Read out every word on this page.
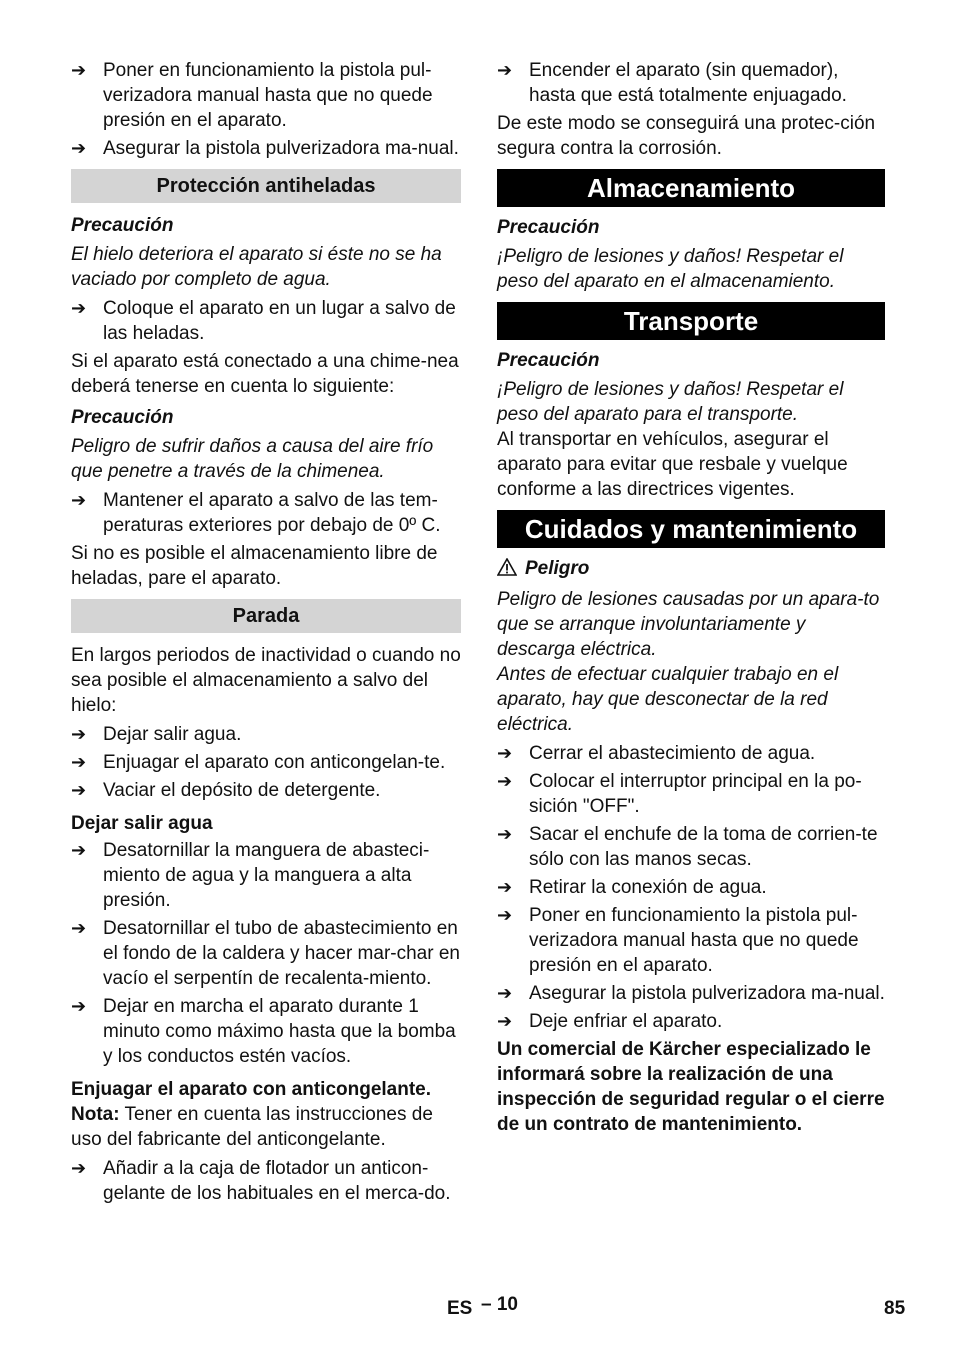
➔ Poner en funcionamiento la pistola pul-verizadora manual hasta que no quede presión en el aparato.
➔ Asegurar la pistola pulverizadora ma-nual.
Protección antiheladas

Precaución

El hielo deteriora el aparato si éste no se ha vaciado por completo de agua.

➔ Coloque el aparato en un lugar a salvo de las heladas.

Si el aparato está conectado a una chime-nea deberá tenerse en cuenta lo siguiente:

Precaución

Peligro de sufrir daños a causa del aire frío que penetre a través de la chimenea.

➔ Mantener el aparato a salvo de las tem-peraturas exteriores por debajo de 0º C.

Si no es posible el almacenamiento libre de heladas, pare el aparato.

Parada

En largos periodos de inactividad o cuando no sea posible el almacenamiento a salvo del hielo:

➔ Dejar salir agua.
➔ Enjuagar el aparato con anticongelan-te.
➔ Vaciar el depósito de detergente.

Dejar salir agua

➔ Desatornillar la manguera de abasteci-miento de agua y la manguera a alta presión.
➔ Desatornillar el tubo de abastecimiento en el fondo de la caldera y hacer mar-char en vacío el serpentín de recalenta-miento.
➔ Dejar en marcha el aparato durante 1 minuto como máximo hasta que la bomba y los conductos estén vacíos.

Enjuagar el aparato con anticongelante.

Nota: Tener en cuenta las instrucciones de uso del fabricante del anticongelante.

➔ Añadir a la caja de flotador un anticon-gelante de los habituales en el merca-do.
➔ Encender el aparato (sin quemador), hasta que está totalmente enjuagado.

De este modo se conseguirá una protec-ción segura contra la corrosión.

Almacenamiento

Precaución

¡Peligro de lesiones y daños! Respetar el peso del aparato en el almacenamiento.

Transporte

Precaución

¡Peligro de lesiones y daños! Respetar el peso del aparato para el transporte.

Al transportar en vehículos, asegurar el aparato para evitar que resbale y vuelque conforme a las directrices vigentes.

Cuidados y mantenimiento

Peligro

Peligro de lesiones causadas por un apara-to que se arranque involuntariamente y descarga eléctrica.

Antes de efectuar cualquier trabajo en el aparato, hay que desconectar de la red eléctrica.

➔ Cerrar el abastecimiento de agua.
➔ Colocar el interruptor principal en la po-sición "OFF".
➔ Sacar el enchufe de la toma de corrien-te sólo con las manos secas.
➔ Retirar la conexión de agua.
➔ Poner en funcionamiento la pistola pul-verizadora manual hasta que no quede presión en el aparato.
➔ Asegurar la pistola pulverizadora ma-nual.
➔ Deje enfriar el aparato.

Un comercial de Kärcher especializado le informará sobre la realización de una inspección de seguridad regular o el cierre de un contrato de mantenimiento.

ES – 10	85
